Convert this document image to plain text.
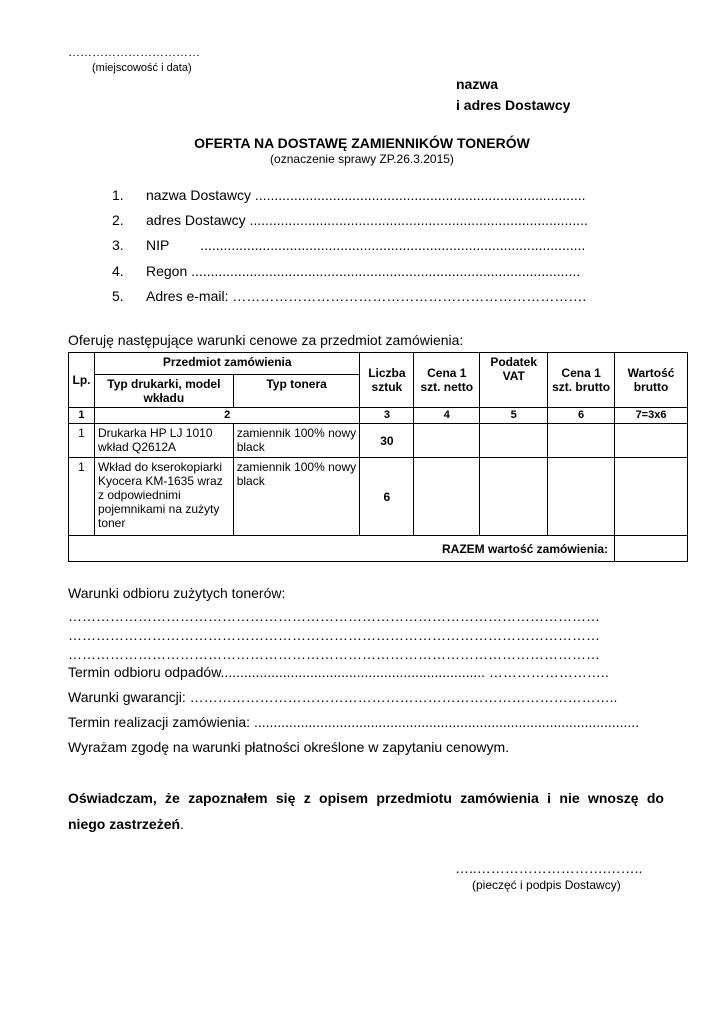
……………………………
(miejscowość i data)
nazwa
i adres Dostawcy
OFERTA NA DOSTAWĘ ZAMIENNIKÓW TONERÓW
(oznaczenie sprawy ZP.26.3.2015)
1. nazwa Dostawcy .....................................................................................
2. adres Dostawcy .......................................................................................
3. NIP        ...................................................................................................
4. Regon ....................................................................................................
5. Adres e-mail: ………………………………………………………………….
Oferuję następujące warunki cenowe za przedmiot zamówienia:
Lp.	Przedmiot zamówienia		Liczba sztuk	Cena 1 szt. netto	Podatek VAT	Cena 1 szt. brutto	Wartość brutto
	Typ drukarki, model wkładu	Typ tonera					
1	2		3	4	5	6	7=3x6
1	Drukarka HP LJ 1010 wkład Q2612A	zamiennik 100% nowy black	30				
1	Wkład do kserokopiarki Kyocera KM-1635 wraz z odpowiednimi pojemnikami na zużyty toner	zamiennik 100% nowy black	6				
RAZEM wartość zamówienia:							
Warunki odbioru zużytych tonerów:
……………………………………………………………………………………………………
……………………………………………………………………………………………………
……………………………………………………………………………………………………
Termin odbioru odpadów.................................................................... ……………………..
Warunki gwarancji: ………………………………………………………………………………..
Termin realizacji zamówienia: ...................................................................................................
Wyrażam zgodę na warunki płatności określone w zapytaniu cenowym.
Oświadczam, że zapoznałem się z opisem przedmiotu zamówienia i nie wnoszę do
niego zastrzeżeń.
…..……………………….……..
(pieczęć i podpis Dostawcy)
